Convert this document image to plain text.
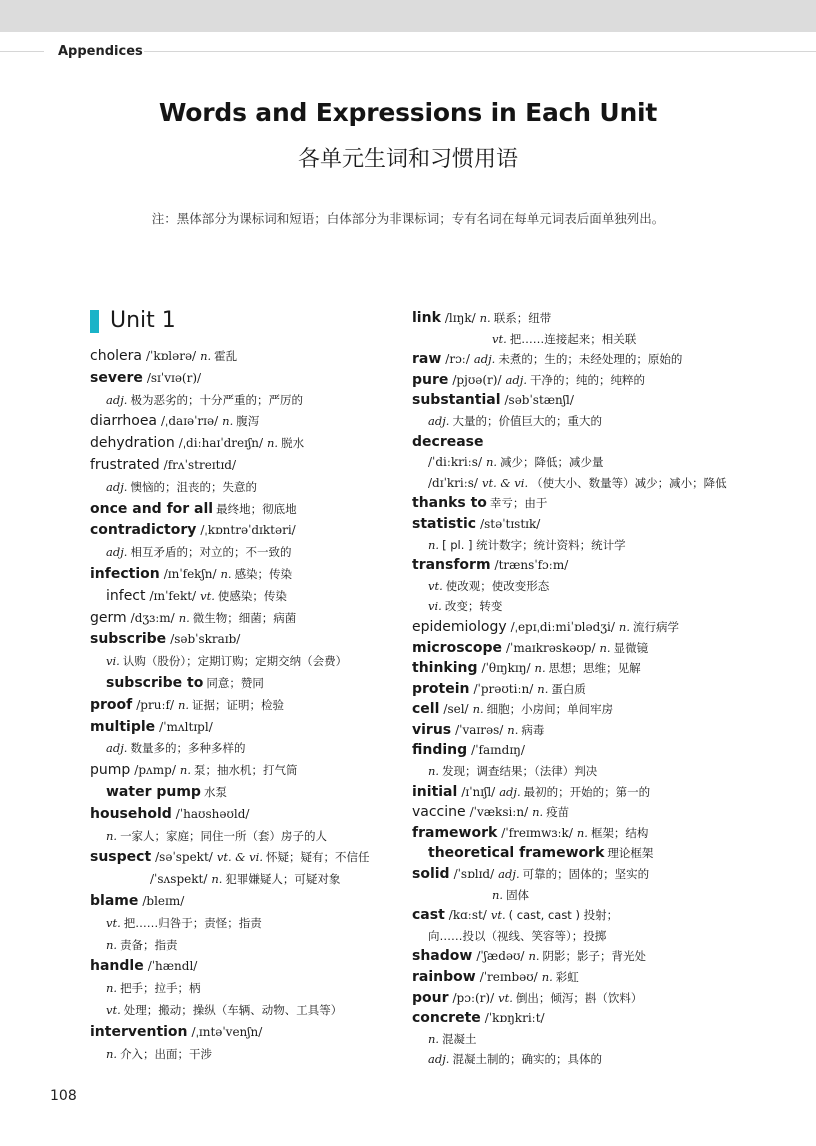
Appendices
Words and Expressions in Each Unit
各单元生词和习惯用语
注：黑体部分为课标词和短语；白体部分为非课标词；专有名词在每单元词表后面单独列出。
Unit 1
cholera /ˈkɒlərə/ n. 霍乱
severe /sɪˈvɪə(r)/
adj. 极为恶劣的；十分严重的；严厉的
diarrhoea /ˌdaɪəˈrɪə/ n. 腹泻
dehydration /ˌdiːhaɪˈdreɪʃn/ n. 脱水
frustrated /frʌˈstreɪtɪd/
adj. 懊恼的；沮丧的；失意的
once and for all 最终地；彻底地
contradictory /ˌkɒntrəˈdɪktəri/
adj. 相互矛盾的；对立的；不一致的
infection /ɪnˈfekʃn/ n. 感染；传染
infect /ɪnˈfekt/ vt. 使感染；传染
germ /dʒɜːm/ n. 微生物；细菌；病菌
subscribe /səbˈskraɪb/
vi. 认购（股份）；定期订购；定期交纳（会费）
subscribe to 同意；赞同
proof /pruːf/ n. 证据；证明；检验
multiple /ˈmʌltɪpl/
adj. 数量多的；多种多样的
pump /pʌmp/ n. 泵；抽水机；打气筒
water pump 水泵
household /ˈhaʊshəʊld/
n. 一家人；家庭；同住一所（套）房子的人
suspect /səˈspekt/ vt. & vi. 怀疑；疑有；不信任
/ˈsʌspekt/ n. 犯罪嫌疑人；可疑对象
blame /bleɪm/
vt. 把……归咎于；责怪；指责
n. 责备；指责
handle /ˈhændl/
n. 把手；拉手；柄
vt. 处理；搬动；操纵（车辆、动物、工具等）
intervention /ˌɪntəˈvenʃn/
n. 介入；出面；干涉
link /lɪŋk/ n. 联系；纽带
vt. 把……连接起来；相关联
raw /rɔː/ adj. 未煮的；生的；未经处理的；原始的
pure /pjʊə(r)/ adj. 干净的；纯的；纯粹的
substantial /səbˈstænʃl/
adj. 大量的；价值巨大的；重大的
decrease
/ˈdiːkriːs/ n. 减少；降低；减少量
/dɪˈkriːs/ vt. & vi. （使大小、数量等）减少；减小；降低
thanks to 幸亏；由于
statistic /stəˈtɪstɪk/
n. [ pl. ] 统计数字；统计资料；统计学
transform /trænsˈfɔːm/
vt. 使改观；使改变形态
vi. 改变；转变
epidemiology /ˌepɪˌdiːmiˈɒlədʒi/ n. 流行病学
microscope /ˈmaɪkrəskəʊp/ n. 显微镜
thinking /ˈθɪŋkɪŋ/ n. 思想；思维；见解
protein /ˈprəʊtiːn/ n. 蛋白质
cell /sel/ n. 细胞；小房间；单间牢房
virus /ˈvaɪrəs/ n. 病毒
finding /ˈfaɪndɪŋ/
n. 发现；调查结果；（法律）判决
initial /ɪˈnɪʃl/ adj. 最初的；开始的；第一的
vaccine /ˈvæksiːn/ n. 疫苗
framework /ˈfreɪmwɜːk/ n. 框架；结构
theoretical framework 理论框架
solid /ˈsɒlɪd/ adj. 可靠的；固体的；坚实的
n. 固体
cast /kɑːst/ vt. ( cast, cast ) 投射；
向……投以（视线、笑容等）；投掷
shadow /ˈʃædəʊ/ n. 阴影；影子；背光处
rainbow /ˈreɪnbəʊ/ n. 彩虹
pour /pɔː(r)/ vt. 倒出；倾泻；斟（饮料）
concrete /ˈkɒŋkriːt/
n. 混凝土
adj. 混凝土制的；确实的；具体的
108
